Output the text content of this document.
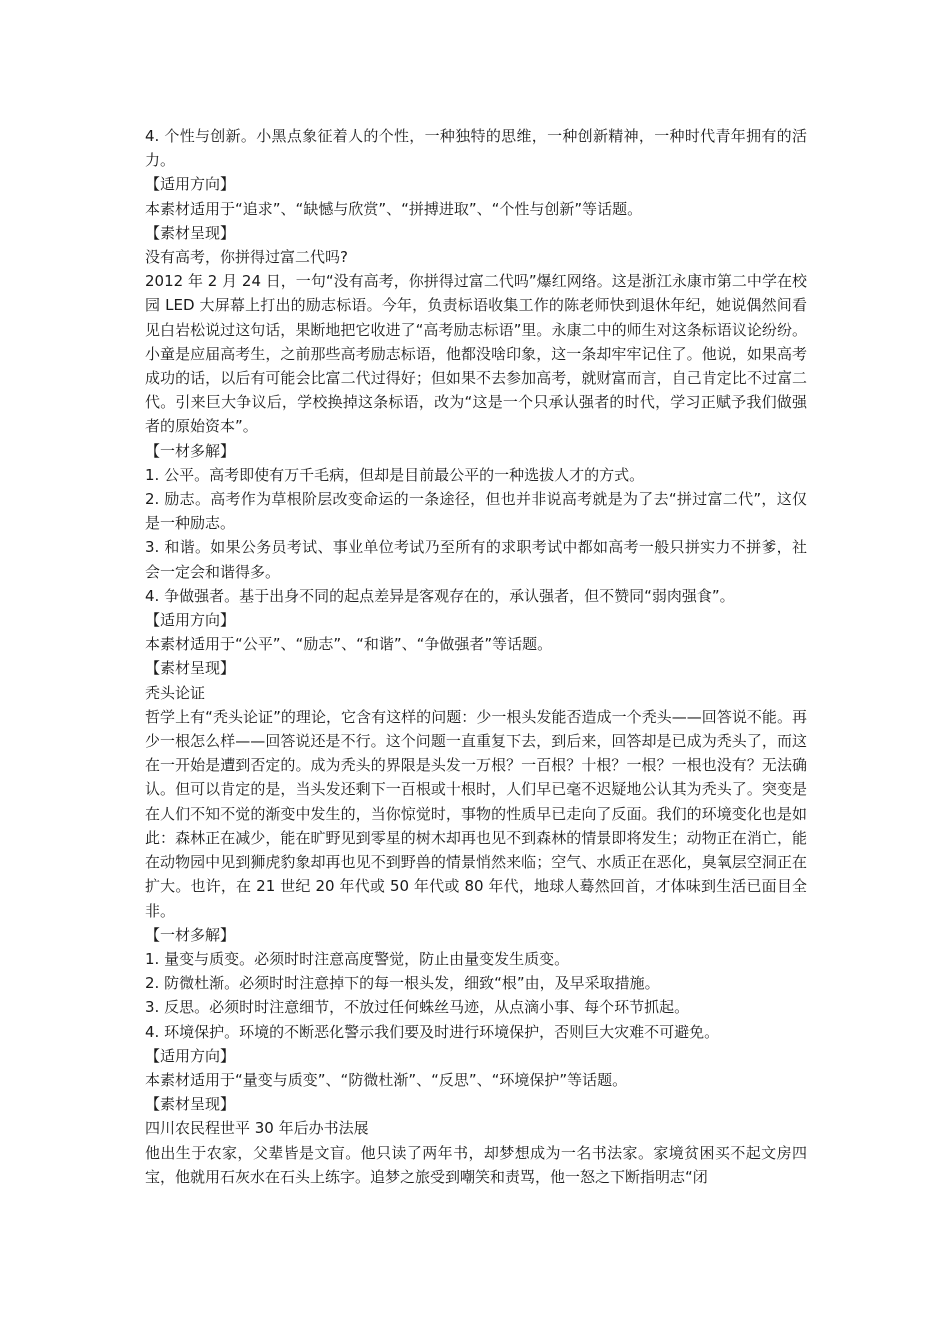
4. 个性与创新。小黑点象征着人的个性，一种独特的思维，一种创新精神，一种时代青年拥有的活力。

【适用方向】

本素材适用于“追求”、“缺憾与欣赏”、“拼搏进取”、“个性与创新”等话题。

【素材呈现】

没有高考，你拼得过富二代吗?

2012 年 2 月 24 日，一句“没有高考，你拼得过富二代吗”爆红网络。这是浙江永康市第二中学在校园 LED 大屏幕上打出的励志标语。今年，负责标语收集工作的陈老师快到退休年纪，她说偶然间看见白岩松说过这句话，果断地把它收进了“高考励志标语”里。永康二中的师生对这条标语议论纷纷。小童是应届高考生，之前那些高考励志标语，他都没啥印象，这一条却牢牢记住了。他说，如果高考成功的话，以后有可能会比富二代过得好；但如果不去参加高考，就财富而言，自己肯定比不过富二代。引来巨大争议后，学校换掉这条标语，改为“这是一个只承认强者的时代，学习正赋予我们做强者的原始资本”。

【一材多解】

1. 公平。高考即使有万千毛病，但却是目前最公平的一种选拔人才的方式。

2. 励志。高考作为草根阶层改变命运的一条途径，但也并非说高考就是为了去“拼过富二代”，这仅是一种励志。

3. 和谐。如果公务员考试、事业单位考试乃至所有的求职考试中都如高考一般只拼实力不拼爹，社会一定会和谐得多。

4. 争做强者。基于出身不同的起点差异是客观存在的，承认强者，但不赞同“弱肉强食”。

【适用方向】

本素材适用于“公平”、“励志”、“和谐”、“争做强者”等话题。

【素材呈现】

秃头论证

哲学上有“秃头论证”的理论，它含有这样的问题：少一根头发能否造成一个秃头——回答说不能。再少一根怎么样——回答说还是不行。这个问题一直重复下去，到后来，回答却是已成为秃头了，而这在一开始是遭到否定的。成为秃头的界限是头发一万根？一百根？十根？一根？一根也没有？无法确认。但可以肯定的是，当头发还剩下一百根或十根时，人们早已毫不迟疑地公认其为秃头了。突变是在人们不知不觉的渐变中发生的，当你惊觉时，事物的性质早已走向了反面。我们的环境变化也是如此：森林正在减少，能在旷野见到零星的树木却再也见不到森林的情景即将发生；动物正在消亡，能在动物园中见到狮虎豹象却再也见不到野兽的情景悄然来临；空气、水质正在恶化，臭氧层空洞正在扩大。也许，在 21 世纪 20 年代或 50 年代或 80 年代，地球人蓦然回首，才体味到生活已面目全非。

【一材多解】

1. 量变与质变。必须时时注意高度警觉，防止由量变发生质变。

2. 防微杜渐。必须时时注意掉下的每一根头发，细致“根”由，及早采取措施。

3. 反思。必须时时注意细节，不放过任何蛛丝马迹，从点滴小事、每个环节抓起。

4. 环境保护。环境的不断恶化警示我们要及时进行环境保护，否则巨大灾难不可避免。

【适用方向】

本素材适用于“量变与质变”、“防微杜渐”、“反思”、“环境保护”等话题。

【素材呈现】

四川农民程世平 30 年后办书法展

他出生于农家，父辈皆是文盲。他只读了两年书，却梦想成为一名书法家。家境贫困买不起文房四宝，他就用石灰水在石头上练字。追梦之旅受到嘲笑和责骂，他一怒之下断指明志“闭
